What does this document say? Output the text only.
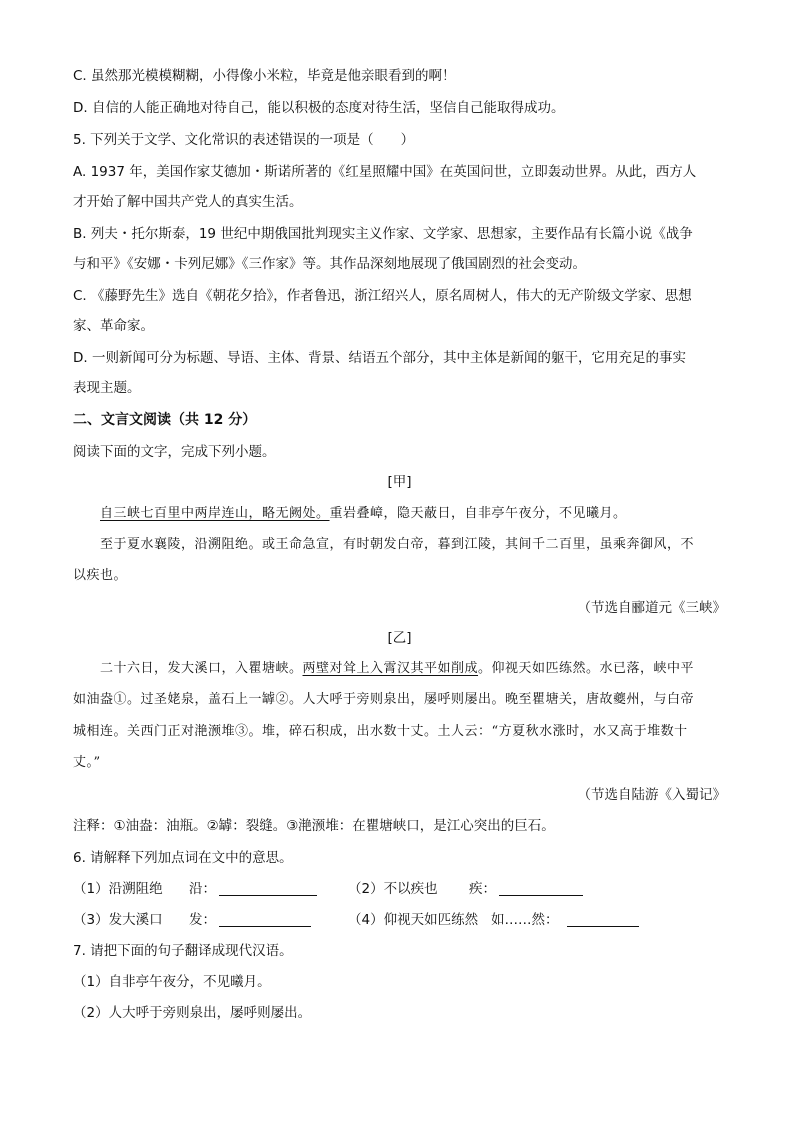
C. 虽然那光模模糊糊，小得像小米粒，毕竟是他亲眼看到的啊！
D. 自信的人能正确地对待自己，能以积极的态度对待生活，坚信自己能取得成功。
5. 下列关于文学、文化常识的表述错误的一项是（　　）
A. 1937 年，美国作家艾德加・斯诺所著的《红星照耀中国》在英国问世，立即轰动世界。从此，西方人
才开始了解中国共产党人的真实生活。
B. 列夫・托尔斯泰，19 世纪中期俄国批判现实主义作家、文学家、思想家，主要作品有长篇小说《战争
与和平》《安娜・卡列尼娜》《三作家》等。其作品深刻地展现了俄国剧烈的社会变动。
C. 《藤野先生》选自《朝花夕拾》，作者鲁迅，浙江绍兴人，原名周树人，伟大的无产阶级文学家、思想
家、革命家。
D. 一则新闻可分为标题、导语、主体、背景、结语五个部分，其中主体是新闻的躯干，它用充足的事实
表现主题。
二、文言文阅读（共 12 分）
阅读下面的文字，完成下列小题。
[甲]
自三峡七百里中两岸连山，略无阙处。重岩叠嶂，隐天蔽日，自非亭午夜分，不见曦月。
至于夏水襄陵，沿溯阻绝。或王命急宣，有时朝发白帝，暮到江陵，其间千二百里，虽乘奔御风，不
以疾也。
（节选自郦道元《三峡》
[乙]
二十六日，发大溪口，入瞿塘峡。两壁对耸上入霄汉其平如削成。仰视天如匹练然。水已落，峡中平
如油盎①。过圣姥泉，盖石上一罅②。人大呼于旁则泉出，屡呼则屡出。晚至瞿塘关，唐故夔州，与白帝
城相连。关西门正对滟滪堆③。堆，碎石积成，出水数十丈。土人云：“方夏秋水涨时，水又高于堆数十
丈。”
（节选自陆游《入蜀记》
注释：①油盎：油瓶。②罅：裂缝。③滟滪堆：在瞿塘峡口，是江心突出的巨石。
6. 请解释下列加点词在文中的意思。
（1）沿溯阻绝 沿：	（2）不以疾也 疾：
（3）发大溪口 发：	（4）仰视天如匹练然 如……然：
7. 请把下面的句子翻译成现代汉语。
（1）自非亭午夜分，不见曦月。
（2）人大呼于旁则泉出，屡呼则屡出。
